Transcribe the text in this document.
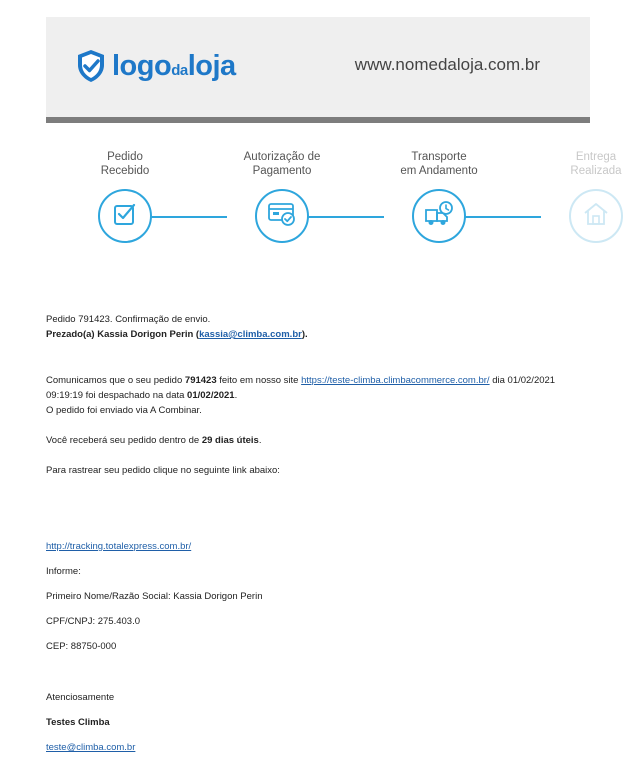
logodaloja	www.nomedaloja.com.br
Pedido
Recebido
Autorização de
Pagamento
Transporte
em Andamento
Entrega
Realizada

Pedido 791423. Confirmação de envio.

Prezado(a) Kassia Dorigon Perin (kassia@climba.com.br).

Comunicamos que o seu pedido 791423 feito em nosso site https://teste-climba.climbacommerce.com.br/ dia 01/02/2021 09:19:19 foi despachado na data 01/02/2021.

O pedido foi enviado via A Combinar.

Você receberá seu pedido dentro de 29 dias úteis.

Para rastrear seu pedido clique no seguinte link abaixo:

http://tracking.totalexpress.com.br/

Informe:

Primeiro Nome/Razão Social: Kassia Dorigon Perin

CPF/CNPJ: 275.403.0

CEP: 88750-000

Atenciosamente

Testes Climba

teste@climba.com.br
